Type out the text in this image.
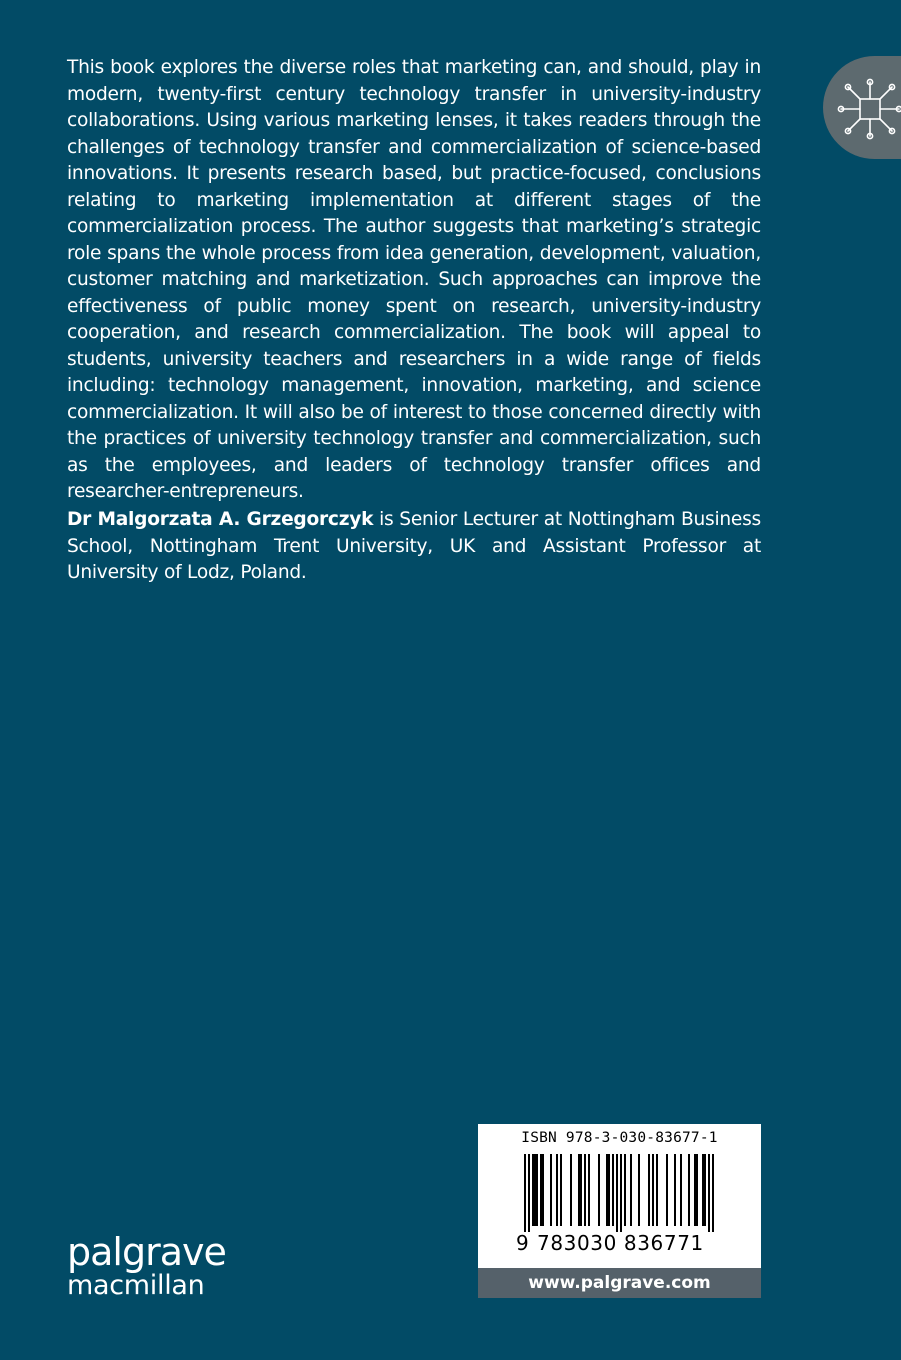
This book explores the diverse roles that marketing can, and should, play in modern, twenty-first century technology transfer in university-industry collaborations. Using various marketing lenses, it takes readers through the challenges of technology transfer and commercialization of science-based innovations. It presents research based, but practice-focused, conclusions relating to marketing implementation at different stages of the commercialization process. The author suggests that marketing’s strategic role spans the whole process from idea generation, development, valuation, customer matching and marketization. Such approaches can improve the effectiveness of public money spent on research, university-industry cooperation, and research commercialization. The book will appeal to students, university teachers and researchers in a wide range of fields including: technology management, innovation, marketing, and science commercialization. It will also be of interest to those concerned directly with the practices of university technology transfer and commercialization, such as the employees, and leaders of technology transfer offices and researcher-entrepreneurs.

Dr Malgorzata A. Grzegorczyk is Senior Lecturer at Nottingham Business School, Nottingham Trent University, UK and Assistant Professor at University of Lodz, Poland.

palgrave
macmillan
ISBN 978-3-030-83677-1
9 783030 836771
www.palgrave.com
